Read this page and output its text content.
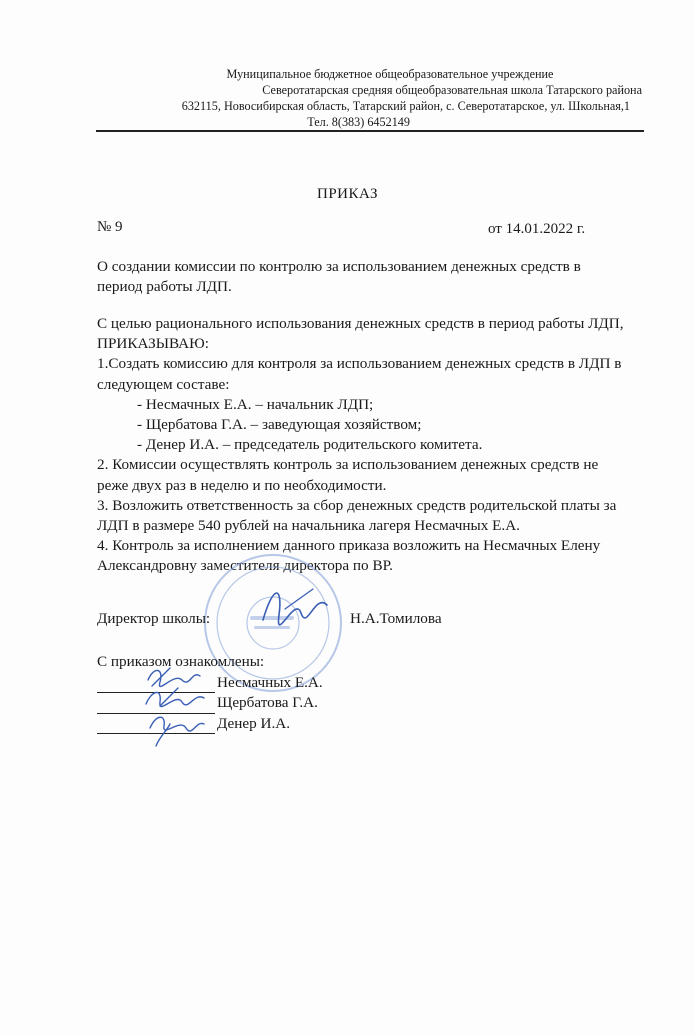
Муниципальное бюджетное общеобразовательное учреждение
Северотатарская средняя общеобразовательная школа Татарского района
632115, Новосибирская область, Татарский район, с. Северотатарское, ул. Школьная,1
Тел. 8(383) 6452149
ПРИКАЗ
№ 9	от 14.01.2022 г.
О создании комиссии по контролю за использованием денежных средств в период работы ЛДП.

С целью рационального использования денежных средств в период работы ЛДП,

ПРИКАЗЫВАЮ:

1.Создать комиссию для контроля за использованием денежных средств в ЛДП в следующем составе:

- Несмачных Е.А. – начальник ЛДП;

- Щербатова Г.А. – заведующая хозяйством;

- Денер И.А. – председатель родительского комитета.

2. Комиссии осуществлять контроль за использованием денежных средств не реже двух раз в неделю и по необходимости.

3. Возложить ответственность за сбор денежных средств родительской платы за ЛДП в размере 540 рублей на начальника лагеря Несмачных Е.А.

4. Контроль за исполнением данного приказа возложить на Несмачных Елену Александровну заместителя директора по ВР.

Директор школы:	Н.А.Томилова
С приказом ознакомлены:
Несмачных Е.А.
Щербатова Г.А.
Денер И.А.
